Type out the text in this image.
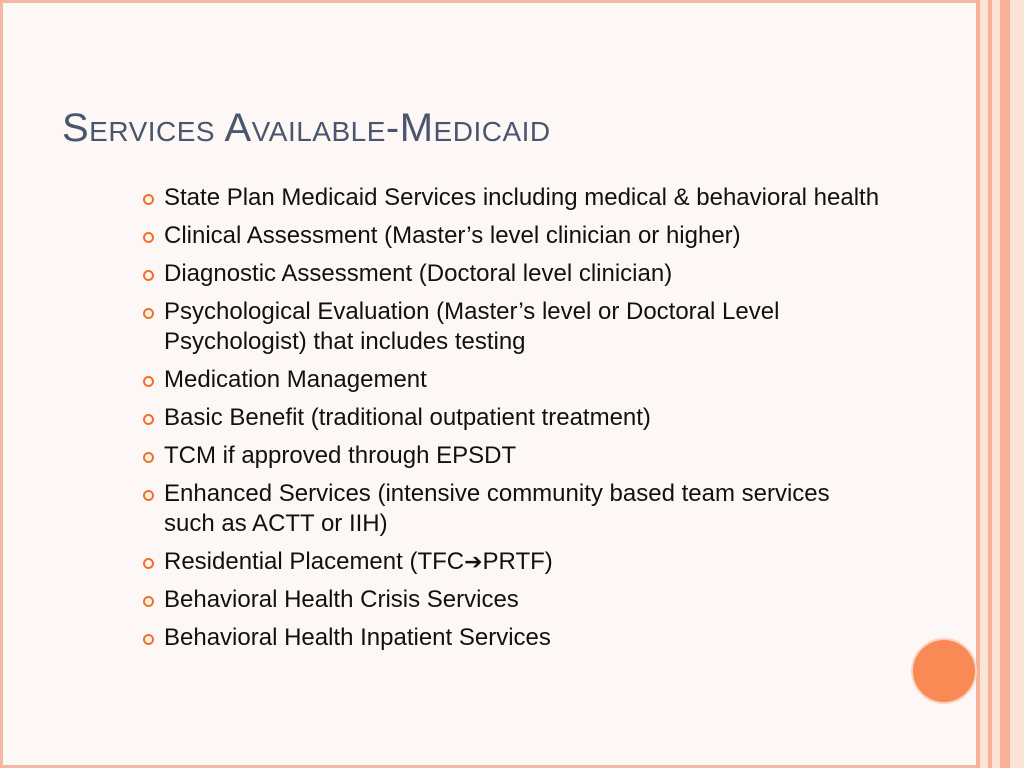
Services Available-Medicaid
State Plan Medicaid Services including medical & behavioral health
Clinical Assessment (Master’s level clinician or higher)
Diagnostic Assessment (Doctoral level clinician)
Psychological Evaluation (Master’s level or Doctoral Level Psychologist) that includes testing
Medication Management
Basic Benefit (traditional outpatient treatment)
TCM if approved through EPSDT
Enhanced Services (intensive community based team services such as ACTT or IIH)
Residential Placement (TFC➔PRTF)
Behavioral Health Crisis Services
Behavioral Health Inpatient Services
